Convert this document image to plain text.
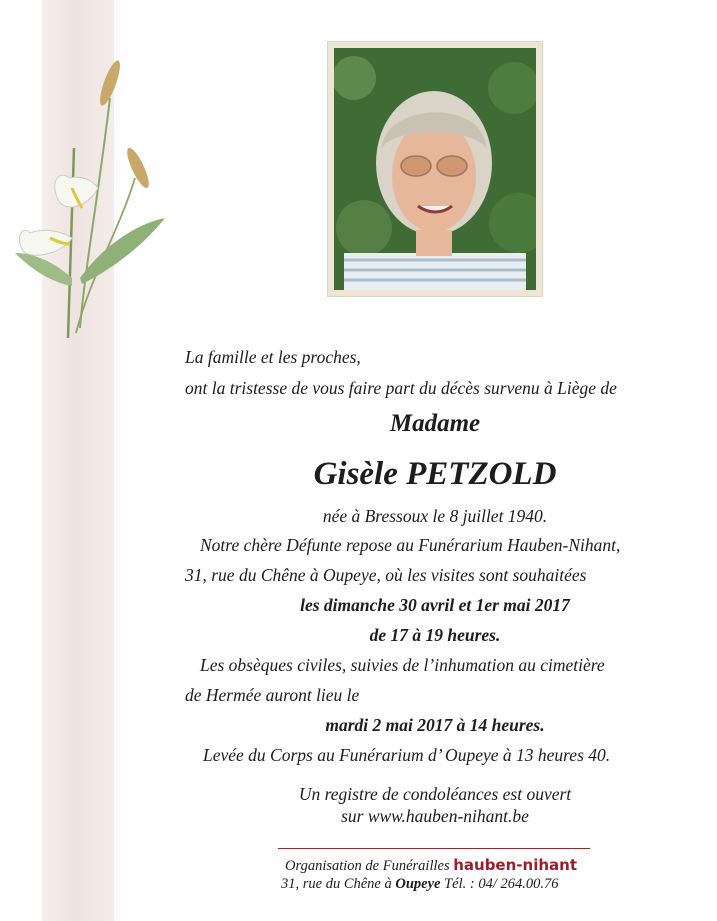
La famille et les proches,
ont la tristesse de vous faire part du décès survenu à Liège de
Madame
Gisèle PETZOLD
née à Bressoux le 8 juillet 1940.
Notre chère Défunte repose au Funérarium Hauben-Nihant,
31, rue du Chêne à Oupeye, où les visites sont souhaitées
les dimanche 30 avril et 1er mai 2017
de 17 à 19 heures.
Les obsèques civiles, suivies de l’inhumation au cimetière
de Hermée auront lieu le
mardi 2 mai 2017 à 14 heures.
Levée du Corps au Funérarium d’ Oupeye à 13 heures 40.
Un registre de condoléances est ouvert
sur www.hauben-nihant.be
Organisation de Funérailles hauben-nihant
31, rue du Chêne à Oupeye Tél. : 04/ 264.00.76
